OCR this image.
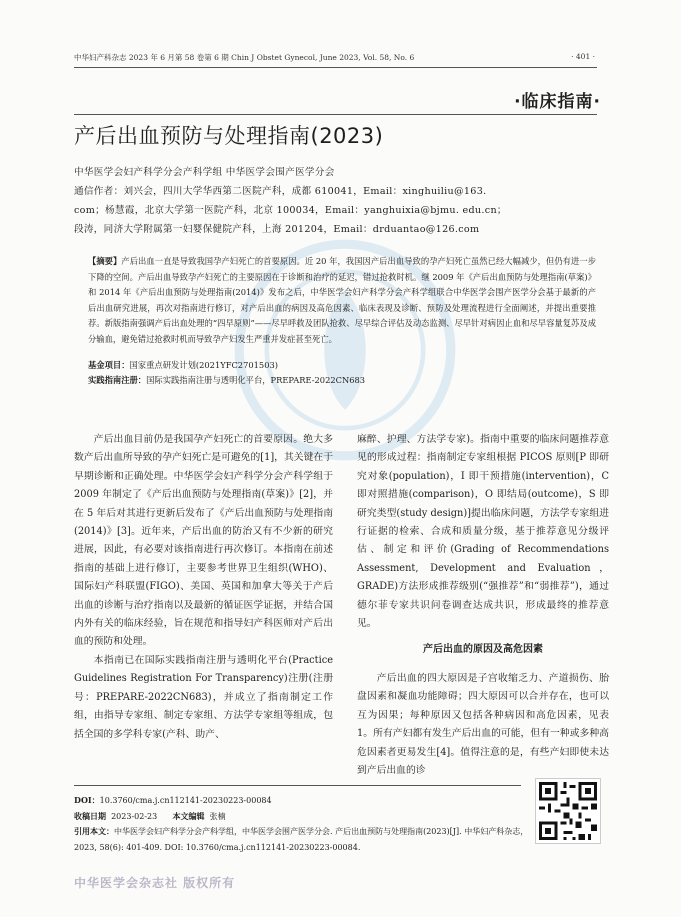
中华妇产科杂志 2023 年 6 月第 58 卷第 6 期 Chin J Obstet Gynecol, June 2023, Vol. 58, No. 6	· 401 ·
·临床指南·
产后出血预防与处理指南(2023)
中华医学会妇产科学分会产科学组 中华医学会围产医学分会
通信作者：刘兴会，四川大学华西第二医院产科，成都 610041，Email：xinghuiliu@163.
com；杨慧霞，北京大学第一医院产科，北京 100034，Email：yanghuixia@bjmu. edu.cn；
段涛，同济大学附属第一妇婴保健院产科，上海 201204，Email：drduantao@126.com
【摘要】产后出血一直是导致我国孕产妇死亡的首要原因。近 20 年，我国因产后出血导致的孕产妇死亡虽然已经大幅减少，但仍有进一步下降的空间。产后出血导致孕产妇死亡的主要原因在于诊断和治疗的延迟，错过抢救时机。继 2009 年《产后出血预防与处理指南(草案)》和 2014 年《产后出血预防与处理指南(2014)》发布之后，中华医学会妇产科学分会产科学组联合中华医学会围产医学分会基于最新的产后出血研究进展，再次对指南进行修订，对产后出血的病因及高危因素、临床表现及诊断、预防及处理流程进行全面阐述，并提出重要推荐。新版指南强调产后出血处理的“四早原则”——尽早呼救及团队抢救、尽早综合评估及动态监测、尽早针对病因止血和尽早容量复苏及成分输血，避免错过抢救时机而导致孕产妇发生严重并发症甚至死亡。
基金项目：国家重点研发计划(2021YFC2701503)
实践指南注册：国际实践指南注册与透明化平台，PREPARE-2022CN683

产后出血目前仍是我国孕产妇死亡的首要原因。绝大多数产后出血所导致的孕产妇死亡是可避免的[1]，其关键在于早期诊断和正确处理。中华医学会妇产科学分会产科学组于 2009 年制定了《产后出血预防与处理指南(草案)》[2]，并在 5 年后对其进行更新后发布了《产后出血预防与处理指南(2014)》[3]。近年来，产后出血的防治又有不少新的研究进展，因此，有必要对该指南进行再次修订。本指南在前述指南的基础上进行修订，主要参考世界卫生组织(WHO)、国际妇产科联盟(FIGO)、美国、英国和加拿大等关于产后出血的诊断与治疗指南以及最新的循证医学证据，并结合国内外有关的临床经验，旨在规范和指导妇产科医师对产后出血的预防和处理。

本指南已在国际实践指南注册与透明化平台(Practice Guidelines Registration For Transparency)注册(注册号：PREPARE-2022CN683)，并成立了指南制定工作组，由指导专家组、制定专家组、方法学专家组等组成，包括全国的多学科专家(产科、助产、

麻醉、护理、方法学专家)。指南中重要的临床问题推荐意见的形成过程：指南制定专家组根据 PICOS 原则[P 即研究对象(population)，I 即干预措施(intervention)，C 即对照措施(comparison)，O 即结局(outcome)，S 即研究类型(study design)]提出临床问题，方法学专家组进行证据的检索、合成和质量分级，基于推荐意见分级评估、制定和评价(Grading of Recommendations Assessment, Development and Evaluation，GRADE)方法形成推荐级别(“强推荐”和“弱推荐”)，通过德尔菲专家共识问卷调查达成共识，形成最终的推荐意见。

产后出血的原因及高危因素

产后出血的四大原因是子宫收缩乏力、产道损伤、胎盘因素和凝血功能障碍；四大原因可以合并存在，也可以互为因果；每种原因又包括各种病因和高危因素，见表 1。所有产妇都有发生产后出血的可能，但有一种或多种高危因素者更易发生[4]。值得注意的是，有些产妇即使未达到产后出血的诊

DOI：10.3760/cma.j.cn112141-20230223-00084
收稿日期 2023-02-23 本文编辑 张楠
引用本文：中华医学会妇产科学分会产科学组，中华医学会围产医学分会. 产后出血预防与处理指南(2023)[J]. 中华妇产科杂志，2023, 58(6): 401-409. DOI: 10.3760/cma.j.cn112141-20230223-00084.
中华医学会杂志社 版权所有
